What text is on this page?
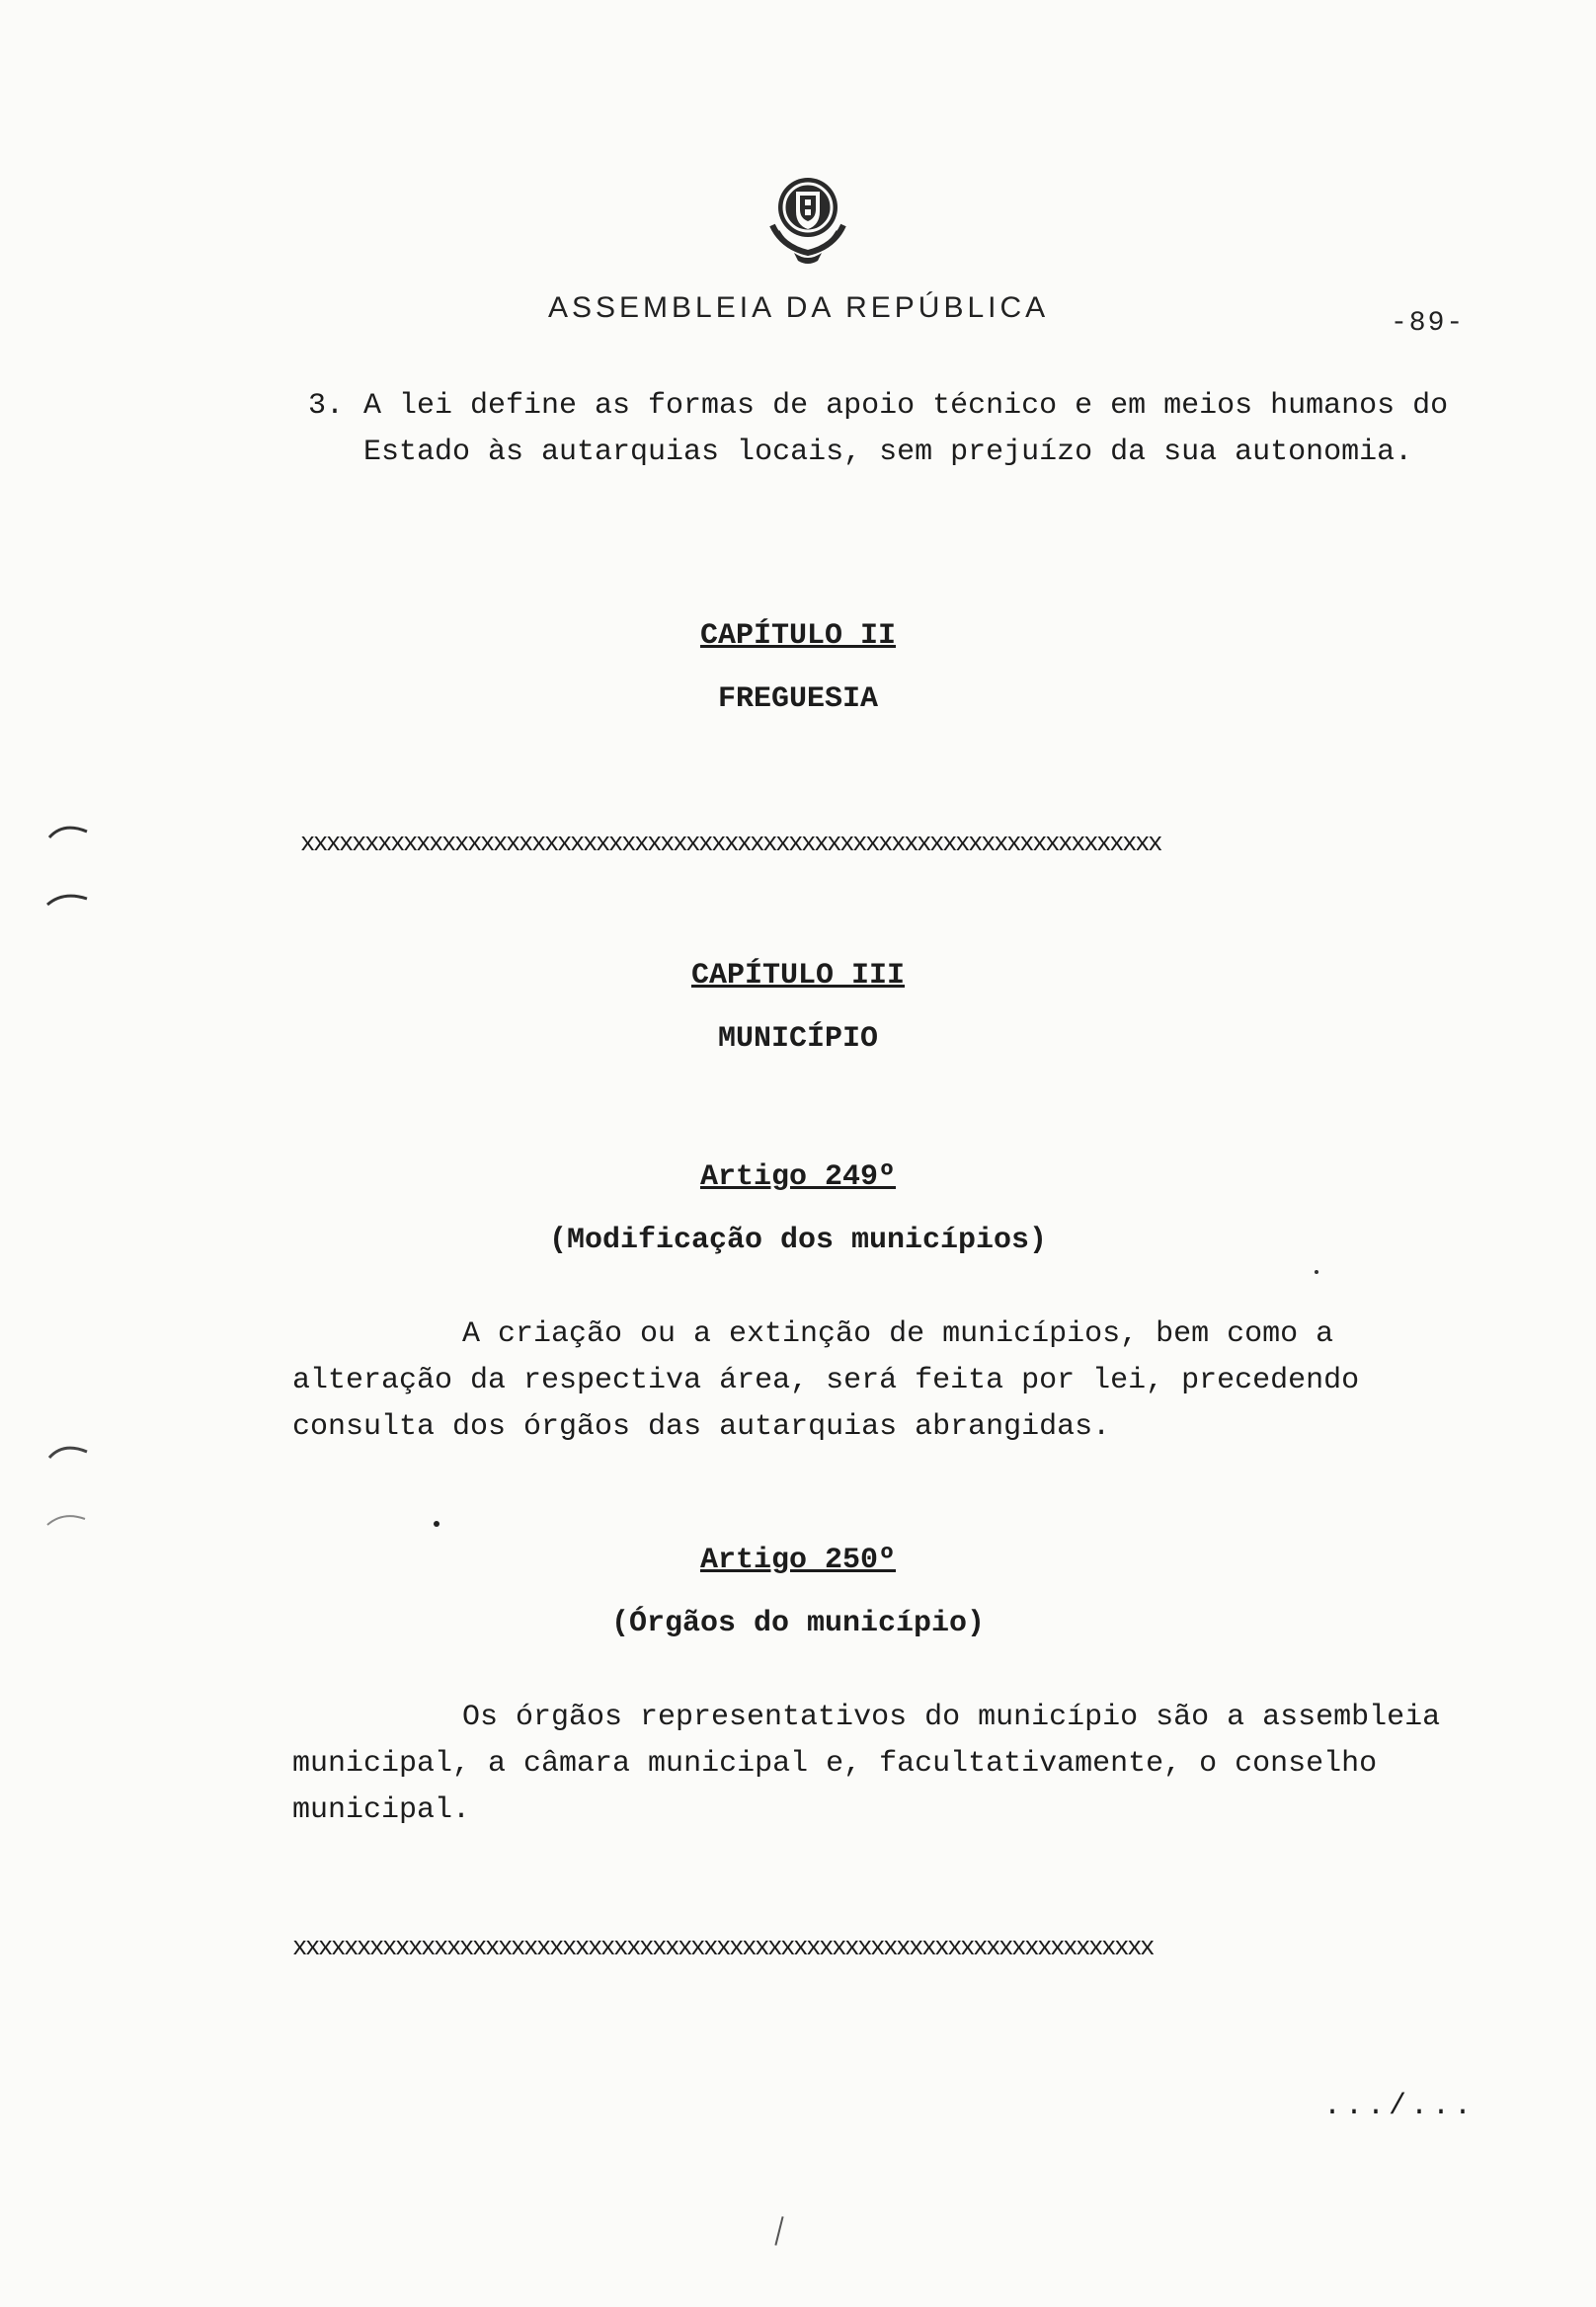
ASSEMBLEIA DA REPÚBLICA	-89-
3. A lei define as formas de apoio técnico e em meios humanos do Estado às autarquias locais, sem prejuízo da sua autonomia.
CAPÍTULO II
FREGUESIA
xxxxxxxxxxxxxxxxxxxxxxxxxxxxxxxxxxxxxxxxxxxxxxxxxxxxxxxxxxxxxxxxxxx
CAPÍTULO III
MUNICÍPIO
Artigo 249º
(Modificação dos municípios)

A criação ou a extinção de municípios, bem como a alteração da respectiva área, será feita por lei, precedendo consulta dos órgãos das autarquias abrangidas.

Artigo 250º
(Órgãos do município)

Os órgãos representativos do município são a assembleia municipal, a câmara municipal e, facultativamente, o conselho municipal.

xxxxxxxxxxxxxxxxxxxxxxxxxxxxxxxxxxxxxxxxxxxxxxxxxxxxxxxxxxxxxxxxxxx
.../...
